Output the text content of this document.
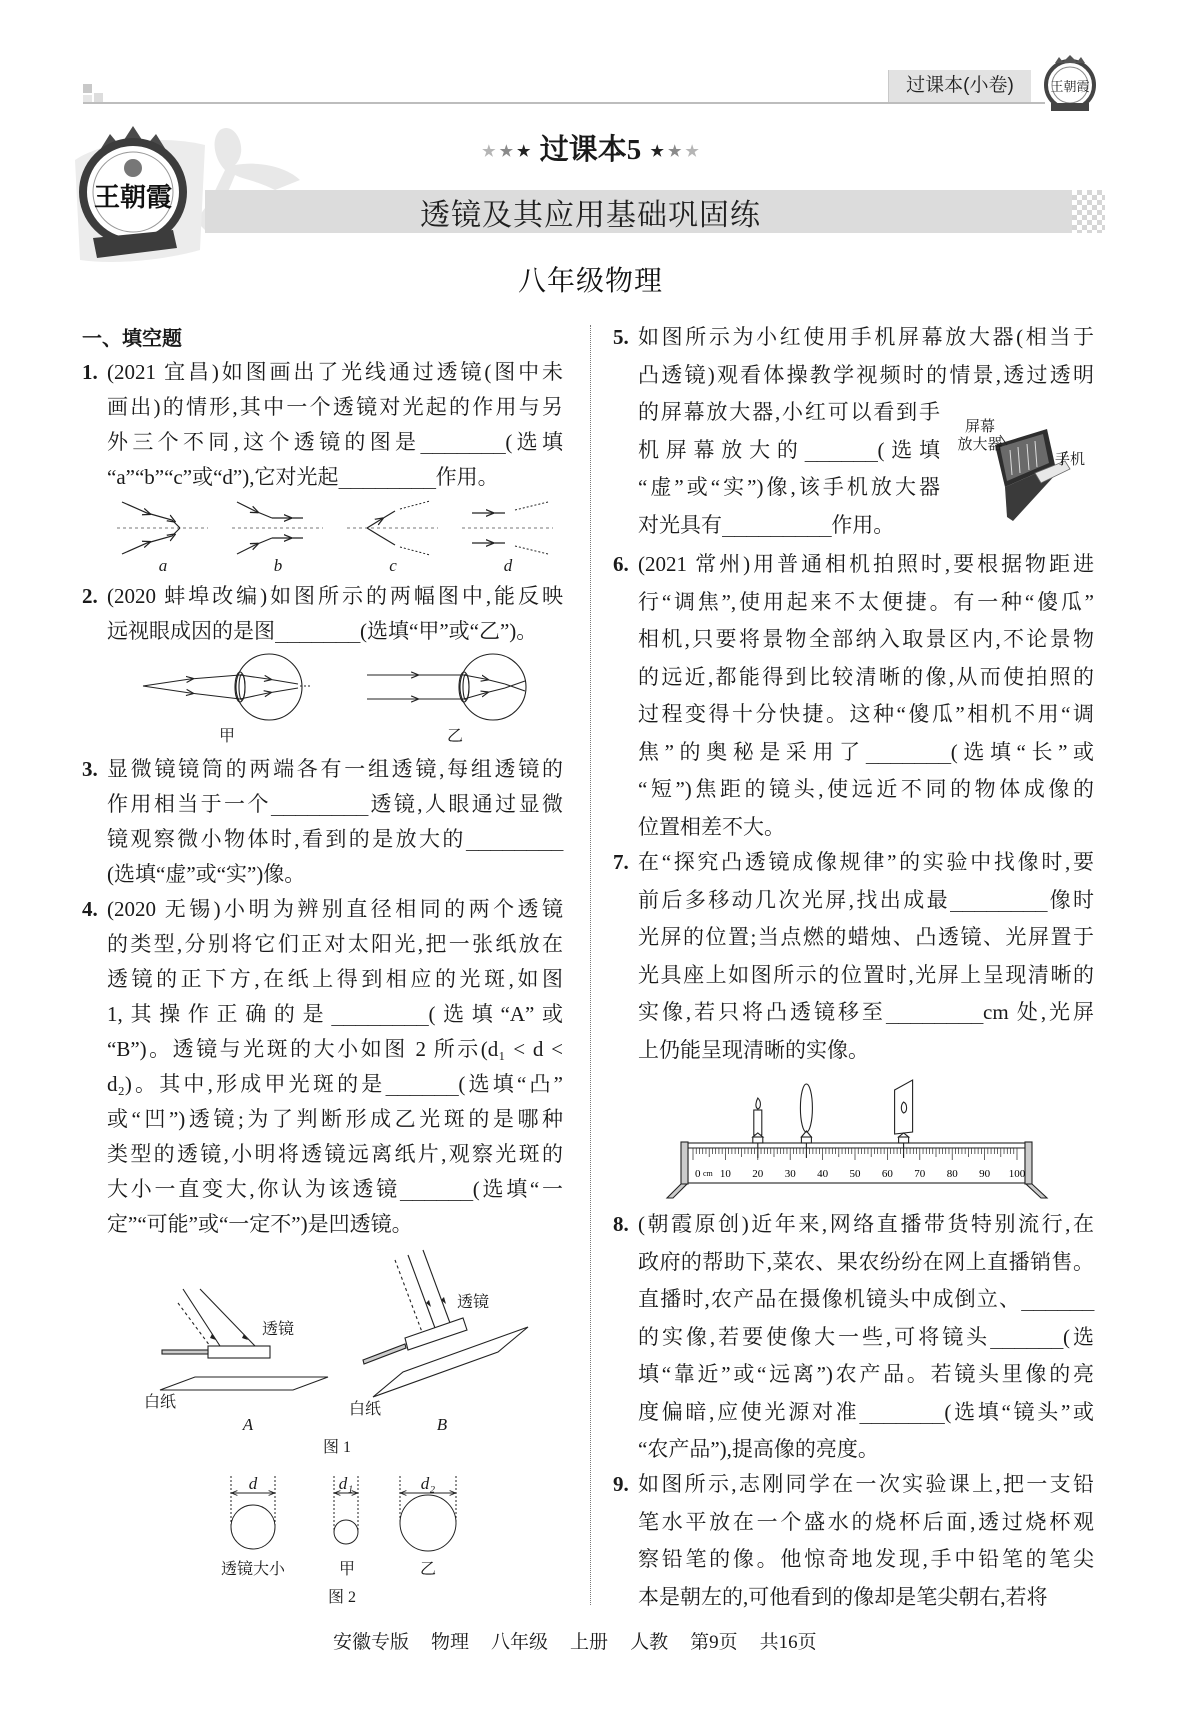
过课本(小卷)	王朝霞
王朝霞
★ ★ ★ 过课本5 ★ ★ ★
透镜及其应用基础巩固练
八年级物理
一、填空题
1. (2021 宜昌)如图画出了光线通过透镜(图中未
画出)的情形,其中一个透镜对光起的作用与另
外三个不同,这个透镜的图是_______(选填
“a”“b”“c”或“d”),它对光起________作用。
2. (2020 蚌埠改编)如图所示的两幅图中,能反映
远视眼成因的是图_______(选填“甲”或“乙”)。
3. 显微镜镜筒的两端各有一组透镜,每组透镜的
作用相当于一个________透镜,人眼通过显微
镜观察微小物体时,看到的是放大的________
(选填“虚”或“实”)像。
4. (2020 无锡)小明为辨别直径相同的两个透镜
的类型,分别将它们正对太阳光,把一张纸放在
透镜的正下方,在纸上得到相应的光斑,如图
1,其操作正确的是________(选填“A”或
“B”)。透镜与光斑的大小如图 2 所示(d₁ < d <
d₂)。其中,形成甲光斑的是______(选填“凸”
或“凹”)透镜;为了判断形成乙光斑的是哪种
类型的透镜,小明将透镜远离纸片,观察光斑的
大小一直变大,你认为该透镜______(选填“一
定”“可能”或“一定不”)是凹透镜。
5. 如图所示为小红使用手机屏幕放大器(相当于
凸透镜)观看体操教学视频时的情景,透过透明
的屏幕放大器,小红可以看到手
机屏幕放大的______(选填
“虚”或“实”)像,该手机放大器
对光具有_________作用。
6. (2021 常州)用普通相机拍照时,要根据物距进
行“调焦”,使用起来不太便捷。有一种“傻瓜”
相机,只要将景物全部纳入取景区内,不论景物
的远近,都能得到比较清晰的像,从而使拍照的
过程变得十分快捷。这种“傻瓜”相机不用“调
焦”的奥秘是采用了_______(选填“长”或
“短”)焦距的镜头,使远近不同的物体成像的
位置相差不大。
7. 在“探究凸透镜成像规律”的实验中找像时,要
前后多移动几次光屏,找出成最________像时
光屏的位置;当点燃的蜡烛、凸透镜、光屏置于
光具座上如图所示的位置时,光屏上呈现清晰的
实像,若只将凸透镜移至________cm 处,光屏
上仍能呈现清晰的实像。
8. (朝霞原创)近年来,网络直播带货特别流行,在
政府的帮助下,菜农、果农纷纷在网上直播销售。
直播时,农产品在摄像机镜头中成倒立、______
的实像,若要使像大一些,可将镜头______(选
填“靠近”或“远离”)农产品。若镜头里像的亮
度偏暗,应使光源对准_______(选填“镜头”或
“农产品”),提高像的亮度。
9. 如图所示,志刚同学在一次实验课上,把一支铅
笔水平放在一个盛水的烧杯后面,透过烧杯观
察铅笔的像。他惊奇地发现,手中铅笔的笔尖
本是朝左的,可他看到的像却是笔尖朝右,若将
a	b	c	d
甲	乙
透镜
白纸
A
透镜
白纸
B
图 1
d	d₁	d₂
透镜大小	甲	乙
图 2
屏幕
放大器
手机
0 cm 10 20 30 40 50 60 70 80 90 100
安徽专版 物理 八年级 上册 人教 第9页 共16页
